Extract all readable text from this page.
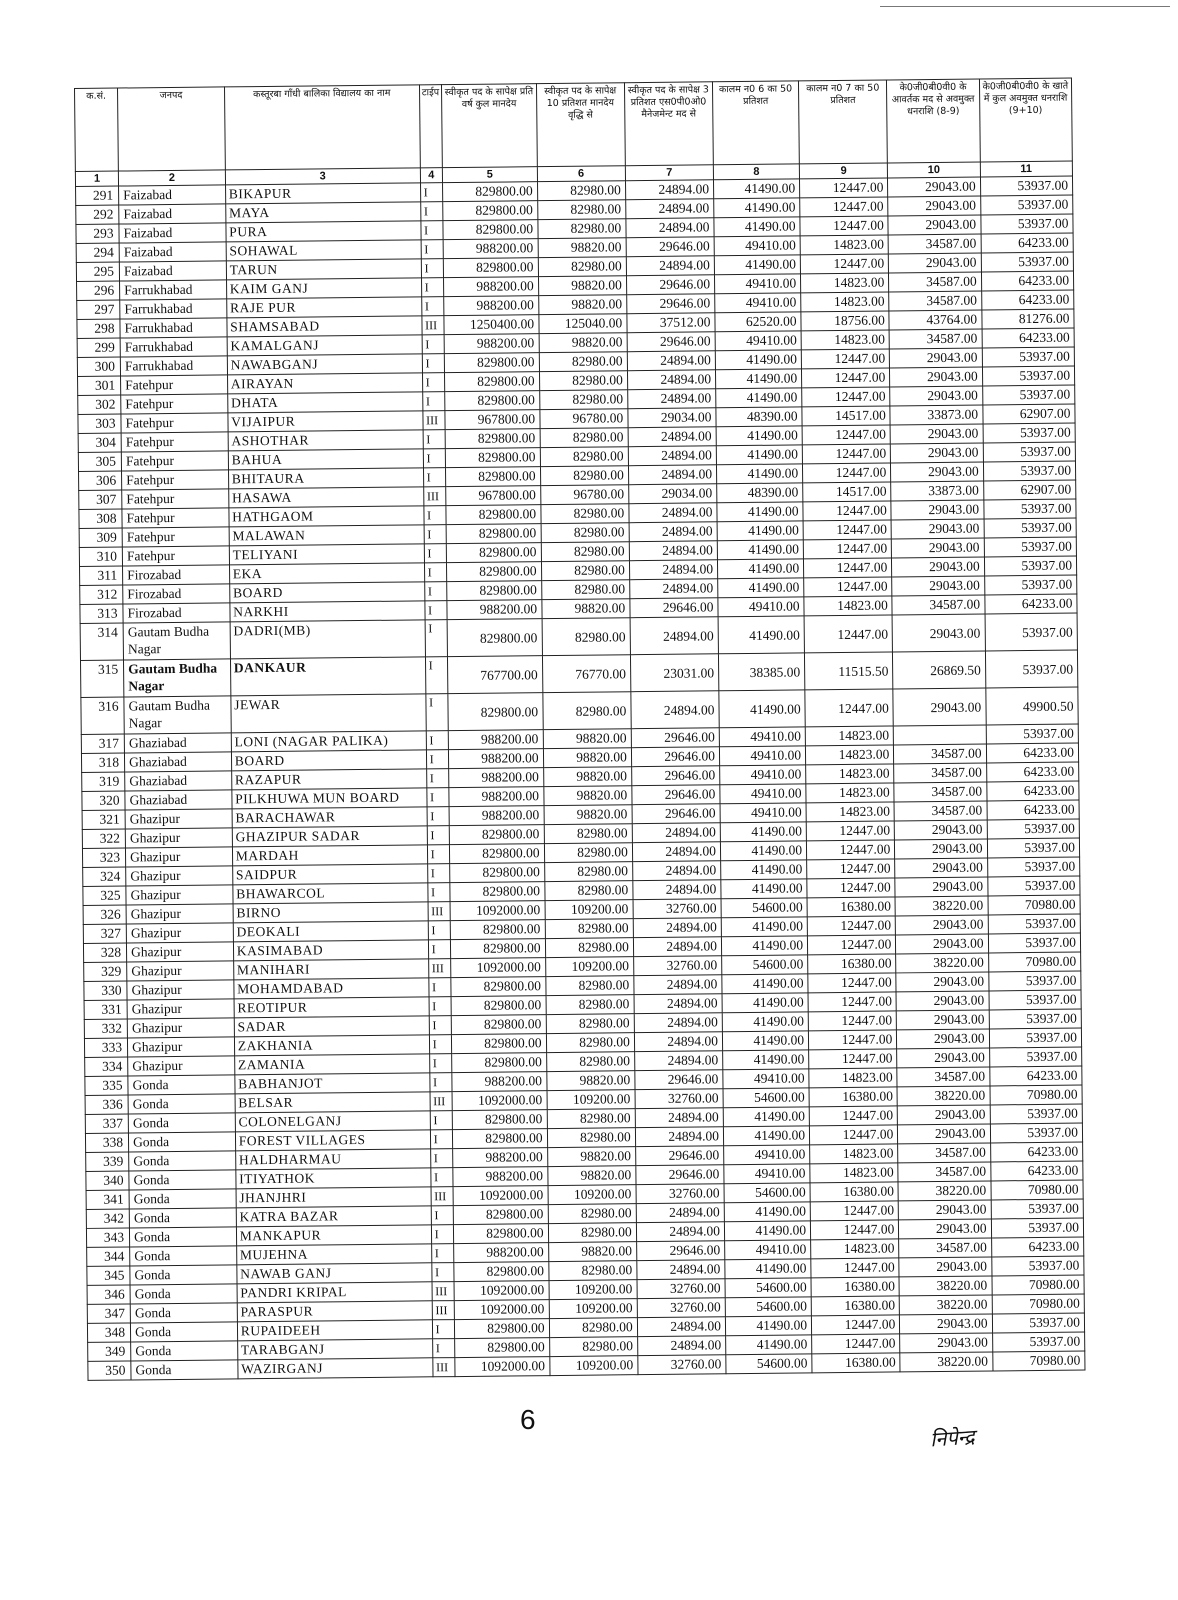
क.सं.	जनपद	कस्तूरबा गाँधी बालिका विद्यालय का नाम	टाईप	स्वीकृत पद के सापेक्ष प्रति वर्ष कुल मानदेय	स्वीकृत पद के सापेक्ष 10 प्रतिशत मानदेय वृद्धि से	स्वीकृत पद के सापेक्ष 3 प्रतिशत एस0पी0ओ0 मैनेजमेन्ट मद से	कालम न0 6 का 50 प्रतिशत	कालम न0 7 का 50 प्रतिशत	के0जी0बी0वी0 के आवर्तक मद से अवमुक्त धनराशि (8-9)	के0जी0बी0वी0 के खाते में कुल अवमुक्त धनराशि (9+10)
1	2	3	4	5	6	7	8	9	10	11
291	Faizabad	BIKAPUR	I	829800.00	82980.00	24894.00	41490.00	12447.00	29043.00	53937.00
292	Faizabad	MAYA	I	829800.00	82980.00	24894.00	41490.00	12447.00	29043.00	53937.00
293	Faizabad	PURA	I	829800.00	82980.00	24894.00	41490.00	12447.00	29043.00	53937.00
294	Faizabad	SOHAWAL	I	988200.00	98820.00	29646.00	49410.00	14823.00	34587.00	64233.00
295	Faizabad	TARUN	I	829800.00	82980.00	24894.00	41490.00	12447.00	29043.00	53937.00
296	Farrukhabad	KAIM GANJ	I	988200.00	98820.00	29646.00	49410.00	14823.00	34587.00	64233.00
297	Farrukhabad	RAJE PUR	I	988200.00	98820.00	29646.00	49410.00	14823.00	34587.00	64233.00
298	Farrukhabad	SHAMSABAD	III	1250400.00	125040.00	37512.00	62520.00	18756.00	43764.00	81276.00
299	Farrukhabad	KAMALGANJ	I	988200.00	98820.00	29646.00	49410.00	14823.00	34587.00	64233.00
300	Farrukhabad	NAWABGANJ	I	829800.00	82980.00	24894.00	41490.00	12447.00	29043.00	53937.00
301	Fatehpur	AIRAYAN	I	829800.00	82980.00	24894.00	41490.00	12447.00	29043.00	53937.00
302	Fatehpur	DHATA	I	829800.00	82980.00	24894.00	41490.00	12447.00	29043.00	53937.00
303	Fatehpur	VIJAIPUR	III	967800.00	96780.00	29034.00	48390.00	14517.00	33873.00	62907.00
304	Fatehpur	ASHOTHAR	I	829800.00	82980.00	24894.00	41490.00	12447.00	29043.00	53937.00
305	Fatehpur	BAHUA	I	829800.00	82980.00	24894.00	41490.00	12447.00	29043.00	53937.00
306	Fatehpur	BHITAURA	I	829800.00	82980.00	24894.00	41490.00	12447.00	29043.00	53937.00
307	Fatehpur	HASAWA	III	967800.00	96780.00	29034.00	48390.00	14517.00	33873.00	62907.00
308	Fatehpur	HATHGAOM	I	829800.00	82980.00	24894.00	41490.00	12447.00	29043.00	53937.00
309	Fatehpur	MALAWAN	I	829800.00	82980.00	24894.00	41490.00	12447.00	29043.00	53937.00
310	Fatehpur	TELIYANI	I	829800.00	82980.00	24894.00	41490.00	12447.00	29043.00	53937.00
311	Firozabad	EKA	I	829800.00	82980.00	24894.00	41490.00	12447.00	29043.00	53937.00
312	Firozabad	BOARD	I	829800.00	82980.00	24894.00	41490.00	12447.00	29043.00	53937.00
313	Firozabad	NARKHI	I	988200.00	98820.00	29646.00	49410.00	14823.00	34587.00	64233.00
314	Gautam Budha Nagar	DADRI(MB)	I	829800.00	82980.00	24894.00	41490.00	12447.00	29043.00	53937.00
315	Gautam Budha Nagar	DANKAUR	I	767700.00	76770.00	23031.00	38385.00	11515.50	26869.50	53937.00
316	Gautam Budha Nagar	JEWAR	I	829800.00	82980.00	24894.00	41490.00	12447.00	29043.00	49900.50
317	Ghaziabad	LONI (NAGAR PALIKA)	I	988200.00	98820.00	29646.00	49410.00	14823.00		53937.00
318	Ghaziabad	BOARD	I	988200.00	98820.00	29646.00	49410.00	14823.00	34587.00	64233.00
319	Ghaziabad	RAZAPUR	I	988200.00	98820.00	29646.00	49410.00	14823.00	34587.00	64233.00
320	Ghaziabad	PILKHUWA MUN BOARD	I	988200.00	98820.00	29646.00	49410.00	14823.00	34587.00	64233.00
321	Ghazipur	BARACHAWAR	I	988200.00	98820.00	29646.00	49410.00	14823.00	34587.00	64233.00
322	Ghazipur	GHAZIPUR SADAR	I	829800.00	82980.00	24894.00	41490.00	12447.00	29043.00	53937.00
323	Ghazipur	MARDAH	I	829800.00	82980.00	24894.00	41490.00	12447.00	29043.00	53937.00
324	Ghazipur	SAIDPUR	I	829800.00	82980.00	24894.00	41490.00	12447.00	29043.00	53937.00
325	Ghazipur	BHAWARCOL	I	829800.00	82980.00	24894.00	41490.00	12447.00	29043.00	53937.00
326	Ghazipur	BIRNO	III	1092000.00	109200.00	32760.00	54600.00	16380.00	38220.00	70980.00
327	Ghazipur	DEOKALI	I	829800.00	82980.00	24894.00	41490.00	12447.00	29043.00	53937.00
328	Ghazipur	KASIMABAD	I	829800.00	82980.00	24894.00	41490.00	12447.00	29043.00	53937.00
329	Ghazipur	MANIHARI	III	1092000.00	109200.00	32760.00	54600.00	16380.00	38220.00	70980.00
330	Ghazipur	MOHAMDABAD	I	829800.00	82980.00	24894.00	41490.00	12447.00	29043.00	53937.00
331	Ghazipur	REOTIPUR	I	829800.00	82980.00	24894.00	41490.00	12447.00	29043.00	53937.00
332	Ghazipur	SADAR	I	829800.00	82980.00	24894.00	41490.00	12447.00	29043.00	53937.00
333	Ghazipur	ZAKHANIA	I	829800.00	82980.00	24894.00	41490.00	12447.00	29043.00	53937.00
334	Ghazipur	ZAMANIA	I	829800.00	82980.00	24894.00	41490.00	12447.00	29043.00	53937.00
335	Gonda	BABHANJOT	I	988200.00	98820.00	29646.00	49410.00	14823.00	34587.00	64233.00
336	Gonda	BELSAR	III	1092000.00	109200.00	32760.00	54600.00	16380.00	38220.00	70980.00
337	Gonda	COLONELGANJ	I	829800.00	82980.00	24894.00	41490.00	12447.00	29043.00	53937.00
338	Gonda	FOREST VILLAGES	I	829800.00	82980.00	24894.00	41490.00	12447.00	29043.00	53937.00
339	Gonda	HALDHARMAU	I	988200.00	98820.00	29646.00	49410.00	14823.00	34587.00	64233.00
340	Gonda	ITIYATHOK	I	988200.00	98820.00	29646.00	49410.00	14823.00	34587.00	64233.00
341	Gonda	JHANJHRI	III	1092000.00	109200.00	32760.00	54600.00	16380.00	38220.00	70980.00
342	Gonda	KATRA BAZAR	I	829800.00	82980.00	24894.00	41490.00	12447.00	29043.00	53937.00
343	Gonda	MANKAPUR	I	829800.00	82980.00	24894.00	41490.00	12447.00	29043.00	53937.00
344	Gonda	MUJEHNA	I	988200.00	98820.00	29646.00	49410.00	14823.00	34587.00	64233.00
345	Gonda	NAWAB GANJ	I	829800.00	82980.00	24894.00	41490.00	12447.00	29043.00	53937.00
346	Gonda	PANDRI KRIPAL	III	1092000.00	109200.00	32760.00	54600.00	16380.00	38220.00	70980.00
347	Gonda	PARASPUR	III	1092000.00	109200.00	32760.00	54600.00	16380.00	38220.00	70980.00
348	Gonda	RUPAIDEEH	I	829800.00	82980.00	24894.00	41490.00	12447.00	29043.00	53937.00
349	Gonda	TARABGANJ	I	829800.00	82980.00	24894.00	41490.00	12447.00	29043.00	53937.00
350	Gonda	WAZIRGANJ	III	1092000.00	109200.00	32760.00	54600.00	16380.00	38220.00	70980.00
6
निपेन्द्र
